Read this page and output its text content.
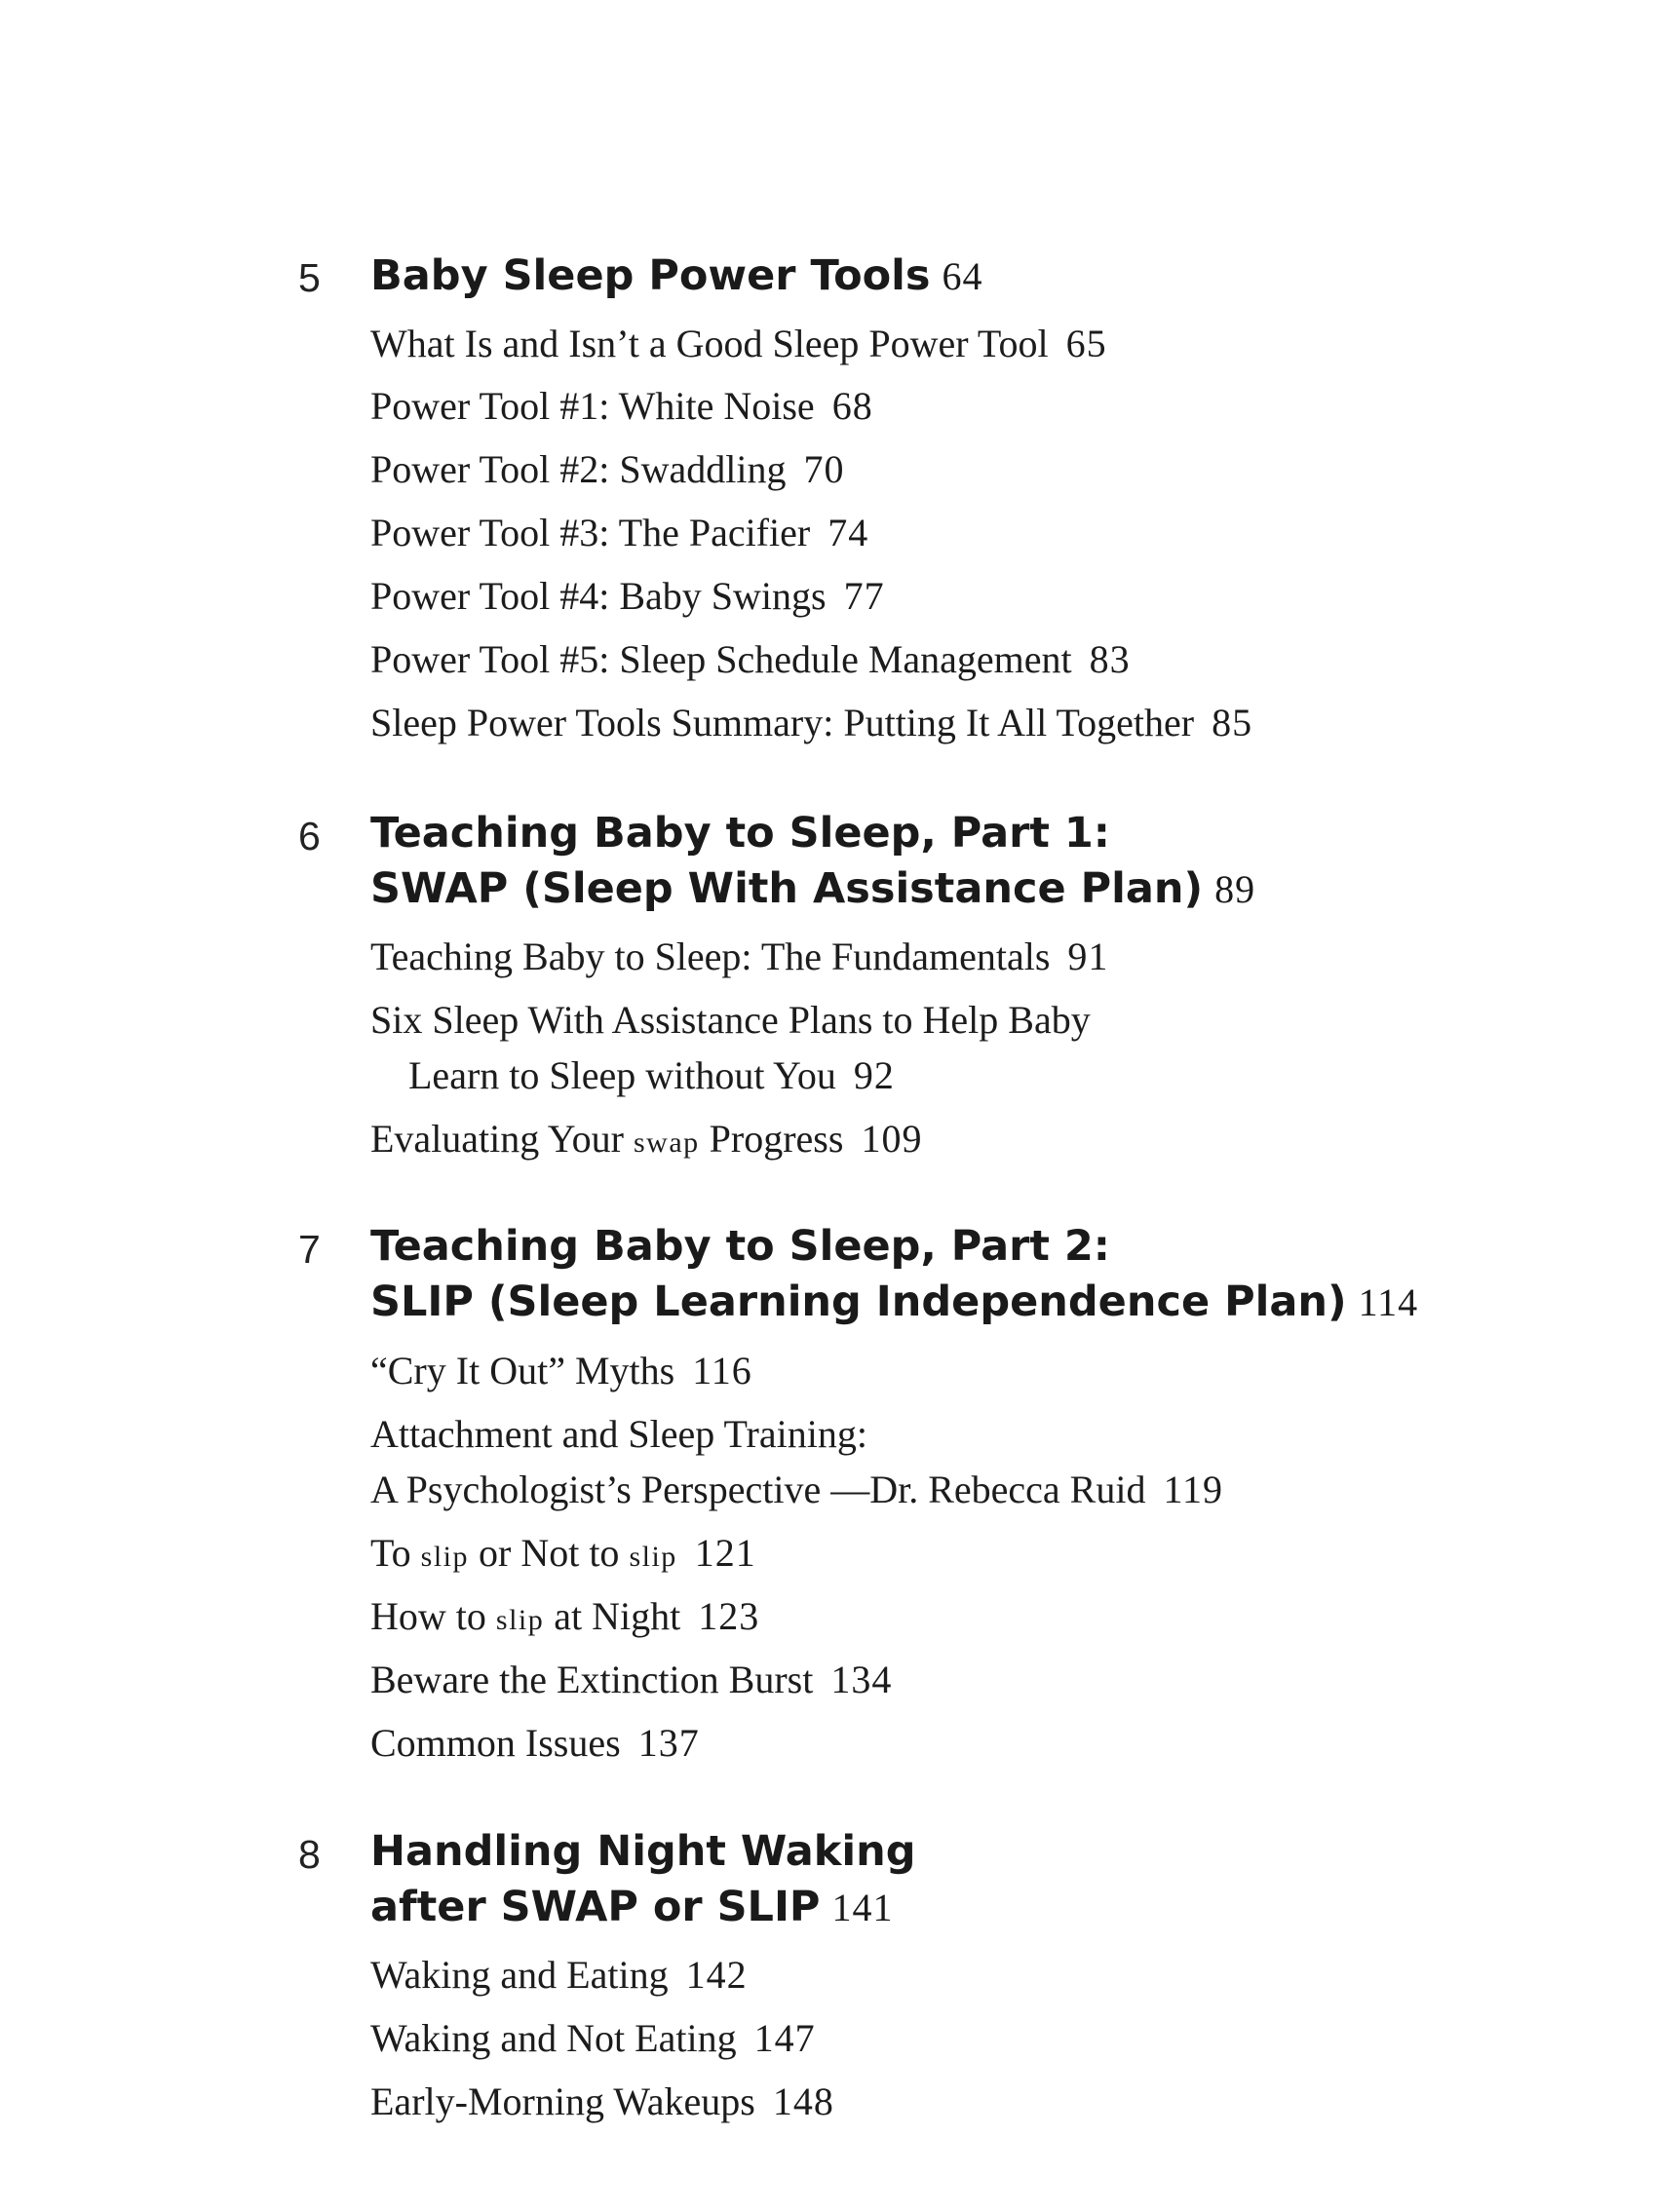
5 Baby Sleep Power Tools 64
What Is and Isn’t a Good Sleep Power Tool 65
Power Tool #1: White Noise 68
Power Tool #2: Swaddling 70
Power Tool #3: The Pacifier 74
Power Tool #4: Baby Swings 77
Power Tool #5: Sleep Schedule Management 83
Sleep Power Tools Summary: Putting It All Together 85
6 Teaching Baby to Sleep, Part 1:
SWAP (Sleep With Assistance Plan) 89
Teaching Baby to Sleep: The Fundamentals 91
Six Sleep With Assistance Plans to Help Baby
Learn to Sleep without You 92
Evaluating Your swap Progress 109
7 Teaching Baby to Sleep, Part 2:
SLIP (Sleep Learning Independence Plan) 114
“Cry It Out” Myths 116
Attachment and Sleep Training:
A Psychologist’s Perspective —Dr. Rebecca Ruid 119
To slip or Not to slip 121
How to slip at Night 123
Beware the Extinction Burst 134
Common Issues 137
8 Handling Night Waking
after SWAP or SLIP 141
Waking and Eating 142
Waking and Not Eating 147
Early-Morning Wakeups 148
